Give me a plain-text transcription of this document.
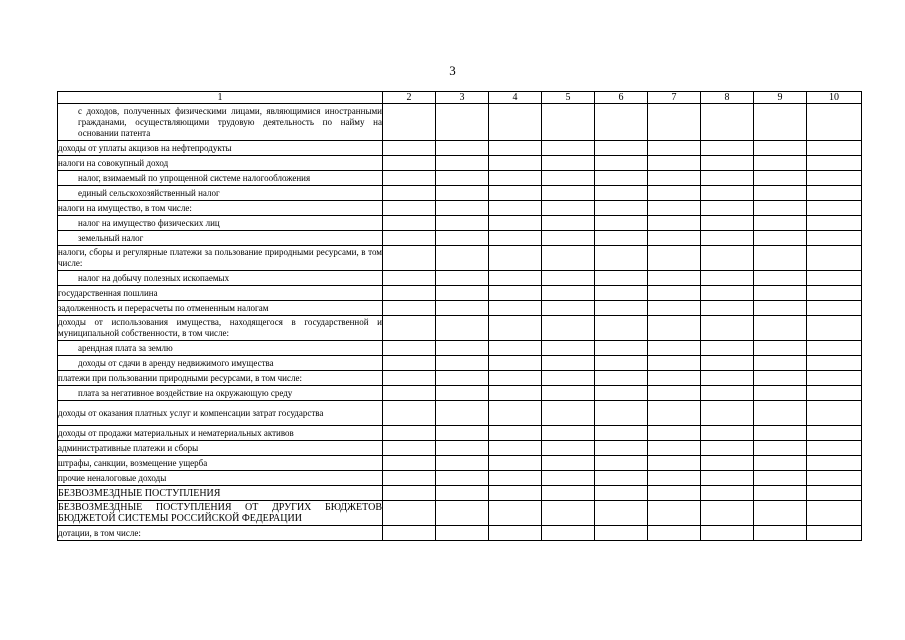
3
1	2	3	4	5	6	7	8	9	10
с доходов, полученных физическими лицами, являющимися иностранными гражданами, осуществляющими трудовую деятельность по найму на основании патента									
доходы от уплаты акцизов на нефтепродукты									
налоги на совокупный доход									
налог, взимаемый по упрощенной системе налогообложения									
единый сельскохозяйственный налог									
налоги на имущество, в том числе:									
налог на имущество физических лиц									
земельный налог									
налоги, сборы и регулярные платежи за пользование природными ресурсами, в том числе:									
налог на добычу полезных ископаемых									
государственная пошлина									
задолженность и перерасчеты по отмененным налогам									
доходы от использования имущества, находящегося в государственной и муниципальной собственности, в том числе:									
арендная плата за землю									
доходы от сдачи в аренду недвижимого имущества									
платежи при пользовании природными ресурсами, в том числе:									
плата за негативное воздействие на окружающую среду									
доходы от оказания платных услуг и компенсации затрат государства									
доходы от продажи материальных и нематериальных активов									
административные платежи и сборы									
штрафы, санкции, возмещение ущерба									
прочие неналоговые доходы									
БЕЗВОЗМЕЗДНЫЕ ПОСТУПЛЕНИЯ									
БЕЗВОЗМЕЗДНЫЕ ПОСТУПЛЕНИЯ ОТ ДРУГИХ БЮДЖЕТОВ БЮДЖЕТОЙ СИСТЕМЫ РОССИЙСКОЙ ФЕДЕРАЦИИ									
дотации, в том числе:									
